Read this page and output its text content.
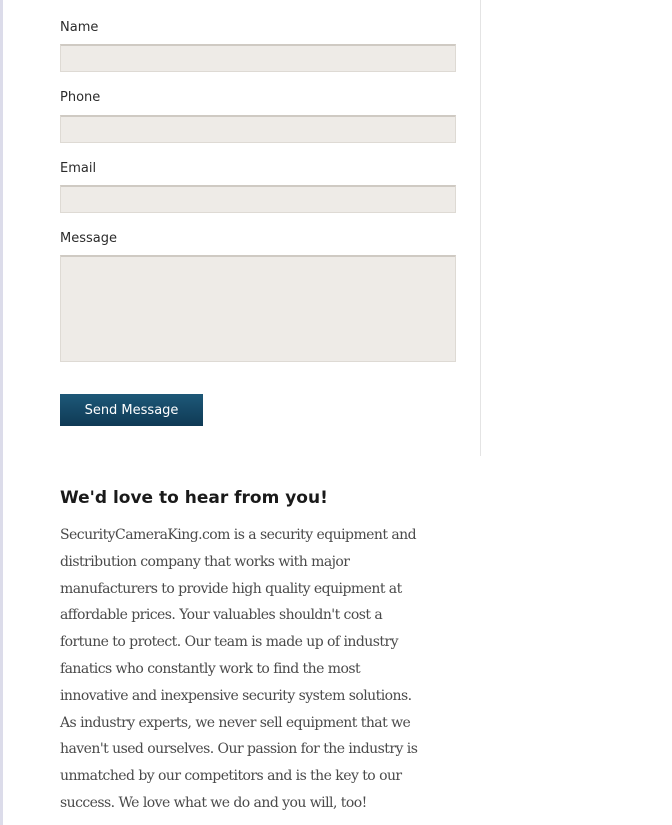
Name
Phone
Email
Message
Send Message
We'd love to hear from you!

SecurityCameraKing.com is a security equipment and
distribution company that works with major
manufacturers to provide high quality equipment at
affordable prices. Your valuables shouldn't cost a
fortune to protect. Our team is made up of industry
fanatics who constantly work to find the most
innovative and inexpensive security system solutions.
As industry experts, we never sell equipment that we
haven't used ourselves. Our passion for the industry is
unmatched by our competitors and is the key to our
success. We love what we do and you will, too!
